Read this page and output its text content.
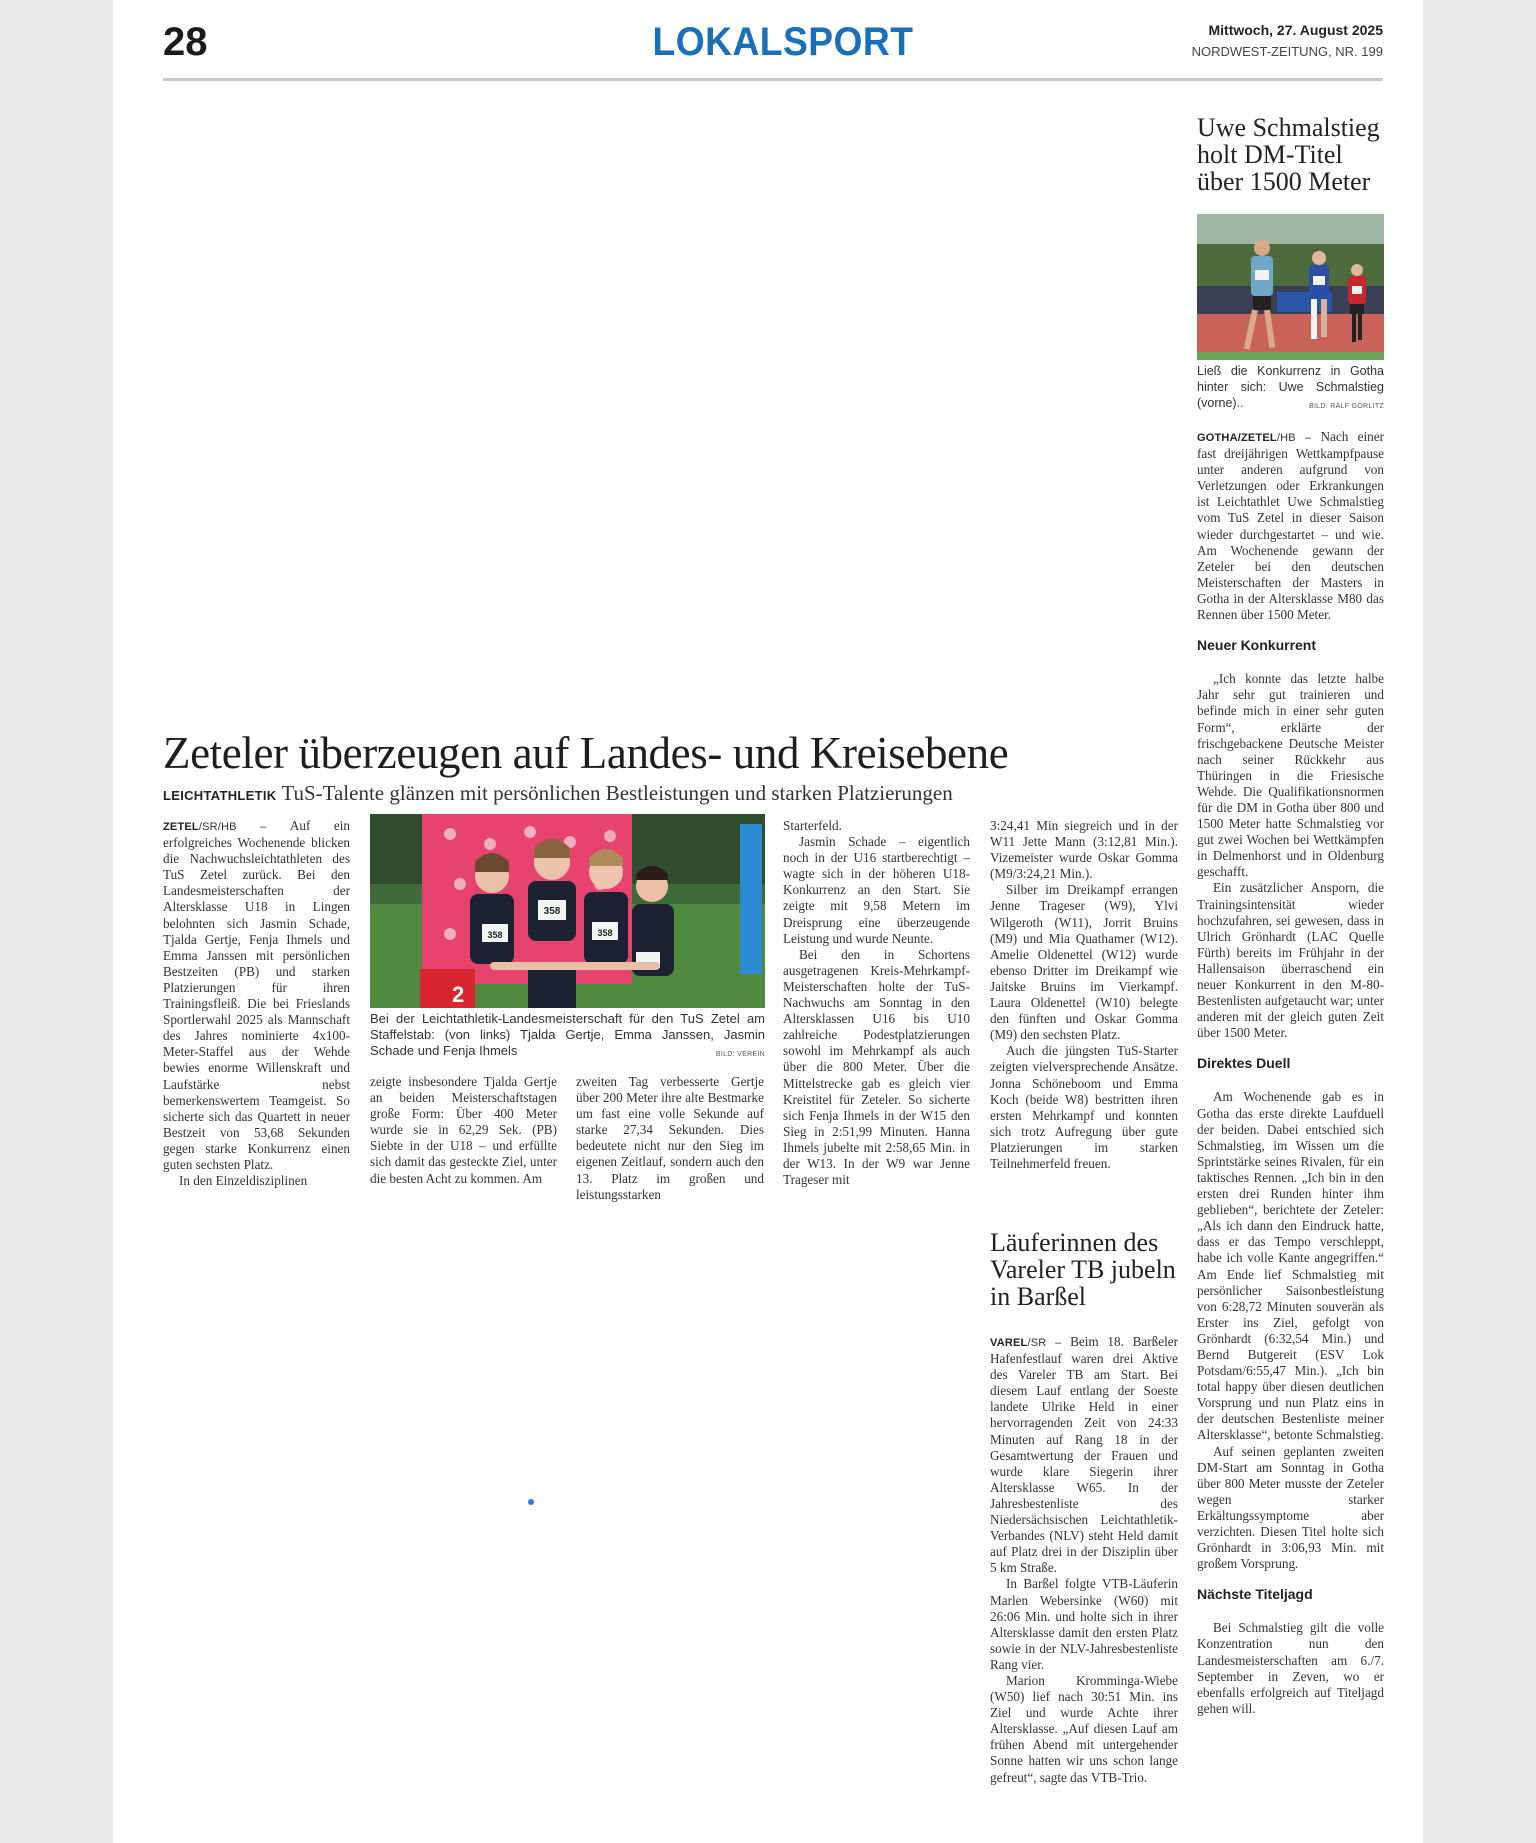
28	LOKALSPORT	Mittwoch, 27. August 2025
NORDWEST-ZEITUNG, NR. 199
Uwe Schmalstieg holt DM-Titel über 1500 Meter
Ließ die Konkurrenz in Gotha hinter sich: Uwe Schmalstieg (vorne)..	BILD: RALF GÖRLITZ

GOTHA/ZETEL/HB – Nach einer fast dreijährigen Wettkampfpause unter anderen aufgrund von Verletzungen oder Erkrankungen ist Leichtathlet Uwe Schmalstieg vom TuS Zetel in dieser Saison wieder durchgestartet – und wie. Am Wochenende gewann der Zeteler bei den deutschen Meisterschaften der Masters in Gotha in der Altersklasse M80 das Rennen über 1500 Meter.

Neuer Konkurrent

„Ich konnte das letzte halbe Jahr sehr gut trainieren und befinde mich in einer sehr guten Form“, erklärte der frischgebackene Deutsche Meister nach seiner Rückkehr aus Thüringen in die Friesische Wehde. Die Qualifikationsnormen für die DM in Gotha über 800 und 1500 Meter hatte Schmalstieg vor gut zwei Wochen bei Wettkämpfen in Delmenhorst und in Oldenburg geschafft.

Ein zusätzlicher Ansporn, die Trainingsintensität wieder hochzufahren, sei gewesen, dass in Ulrich Grönhardt (LAC Quelle Fürth) bereits im Frühjahr in der Hallensaison überraschend ein neuer Konkurrent in den M-80-Bestenlisten aufgetaucht war; unter anderen mit der gleich guten Zeit über 1500 Meter.

Direktes Duell

Am Wochenende gab es in Gotha das erste direkte Laufduell der beiden. Dabei entschied sich Schmalstieg, im Wissen um die Sprintstärke seines Rivalen, für ein taktisches Rennen. „Ich bin in den ersten drei Runden hinter ihm geblieben“, berichtete der Zeteler: „Als ich dann den Eindruck hatte, dass er das Tempo verschleppt, habe ich volle Kante angegriffen.“ Am Ende lief Schmalstieg mit persönlicher Saisonbestleistung von 6:28,72 Minuten souverän als Erster ins Ziel, gefolgt von Grönhardt (6:32,54 Min.) und Bernd Butgereit (ESV Lok Potsdam/6:55,47 Min.). „Ich bin total happy über diesen deutlichen Vorsprung und nun Platz eins in der deutschen Bestenliste meiner Altersklasse“, betonte Schmalstieg.

Auf seinen geplanten zweiten DM-Start am Sonntag in Gotha über 800 Meter musste der Zeteler wegen starker Erkältungssymptome aber verzichten. Diesen Titel holte sich Grönhardt in 3:06,93 Min. mit großem Vorsprung.

Nächste Titeljagd

Bei Schmalstieg gilt die volle Konzentration nun den Landesmeisterschaften am 6./7. September in Zeven, wo er ebenfalls erfolgreich auf Titeljagd gehen will.

Zeteler überzeugen auf Landes- und Kreisebene
LEICHTATHLETIK TuS-Talente glänzen mit persönlichen Bestleistungen und starken Platzierungen

ZETEL/SR/HB – Auf ein erfolgreiches Wochenende blicken die Nachwuchsleichtathleten des TuS Zetel zurück. Bei den Landesmeisterschaften der Altersklasse U18 in Lingen belohnten sich Jasmin Schade, Tjalda Gertje, Fenja Ihmels und Emma Janssen mit persönlichen Bestzeiten (PB) und starken Platzierungen für ihren Trainingsfleiß. Die bei Frieslands Sportlerwahl 2025 als Mannschaft des Jahres nominierte 4x100-Meter-Staffel aus der Wehde bewies enorme Willenskraft und Laufstärke nebst bemerkenswertem Teamgeist. So sicherte sich das Quartett in neuer Bestzeit von 53,68 Sekunden gegen starke Konkurrenz einen guten sechsten Platz.

In den Einzeldisziplinen

2
358
358
358
Bei der Leichtathletik-Landesmeisterschaft für den TuS Zetel am Staffelstab: (von links) Tjalda Gertje, Emma Janssen, Jasmin Schade und Fenja Ihmels	BILD: VEREIN

zeigte insbesondere Tjalda Gertje an beiden Meisterschaftstagen große Form: Über 400 Meter wurde sie in 62,29 Sek. (PB) Siebte in der U18 – und erfüllte sich damit das gesteckte Ziel, unter die besten Acht zu kommen. Am

zweiten Tag verbesserte Gertje über 200 Meter ihre alte Bestmarke um fast eine volle Sekunde auf starke 27,34 Sekunden. Dies bedeutete nicht nur den Sieg im eigenen Zeitlauf, sondern auch den 13. Platz im großen und leistungsstarken

Starterfeld.

Jasmin Schade – eigentlich noch in der U16 startberechtigt – wagte sich in der höheren U18-Konkurrenz an den Start. Sie zeigte mit 9,58 Metern im Dreisprung eine überzeugende Leistung und wurde Neunte.

Bei den in Schortens ausgetragenen Kreis-Mehrkampf-Meisterschaften holte der TuS-Nachwuchs am Sonntag in den Altersklassen U16 bis U10 zahlreiche Podestplatzierungen sowohl im Mehrkampf als auch über die 800 Meter. Über die Mittelstrecke gab es gleich vier Kreistitel für Zeteler. So sicherte sich Fenja Ihmels in der W15 den Sieg in 2:51,99 Minuten. Hanna Ihmels jubelte mit 2:58,65 Min. in der W13. In der W9 war Jenne Trageser mit

3:24,41 Min siegreich und in der W11 Jette Mann (3:12,81 Min.). Vizemeister wurde Oskar Gomma (M9/3:24,21 Min.).

Silber im Dreikampf errangen Jenne Trageser (W9), Ylvi Wilgeroth (W11), Jorrit Bruins (M9) und Mia Quathamer (W12). Amelie Oldenettel (W12) wurde ebenso Dritter im Dreikampf wie Jaitske Bruins im Vierkampf. Laura Oldenettel (W10) belegte den fünften und Oskar Gomma (M9) den sechsten Platz.

Auch die jüngsten TuS-Starter zeigten vielversprechende Ansätze. Jonna Schöneboom und Emma Koch (beide W8) bestritten ihren ersten Mehrkampf und konnten sich trotz Aufregung über gute Platzierungen im starken Teilnehmerfeld freuen.

Läuferinnen des Vareler TB jubeln in Barßel

VAREL/SR – Beim 18. Barßeler Hafenfestlauf waren drei Aktive des Vareler TB am Start. Bei diesem Lauf entlang der Soeste landete Ulrike Held in einer hervorragenden Zeit von 24:33 Minuten auf Rang 18 in der Gesamtwertung der Frauen und wurde klare Siegerin ihrer Altersklasse W65. In der Jahresbestenliste des Niedersächsischen Leichtathletik-Verbandes (NLV) steht Held damit auf Platz drei in der Disziplin über 5 km Straße.

In Barßel folgte VTB-Läuferin Marlen Webersinke (W60) mit 26:06 Min. und holte sich in ihrer Altersklasse damit den ersten Platz sowie in der NLV-Jahresbestenliste Rang vier.

Marion Kromminga-Wiebe (W50) lief nach 30:51 Min. ins Ziel und wurde Achte ihrer Altersklasse. „Auf diesen Lauf am frühen Abend mit untergehender Sonne hatten wir uns schon lange gefreut“, sagte das VTB-Trio.
